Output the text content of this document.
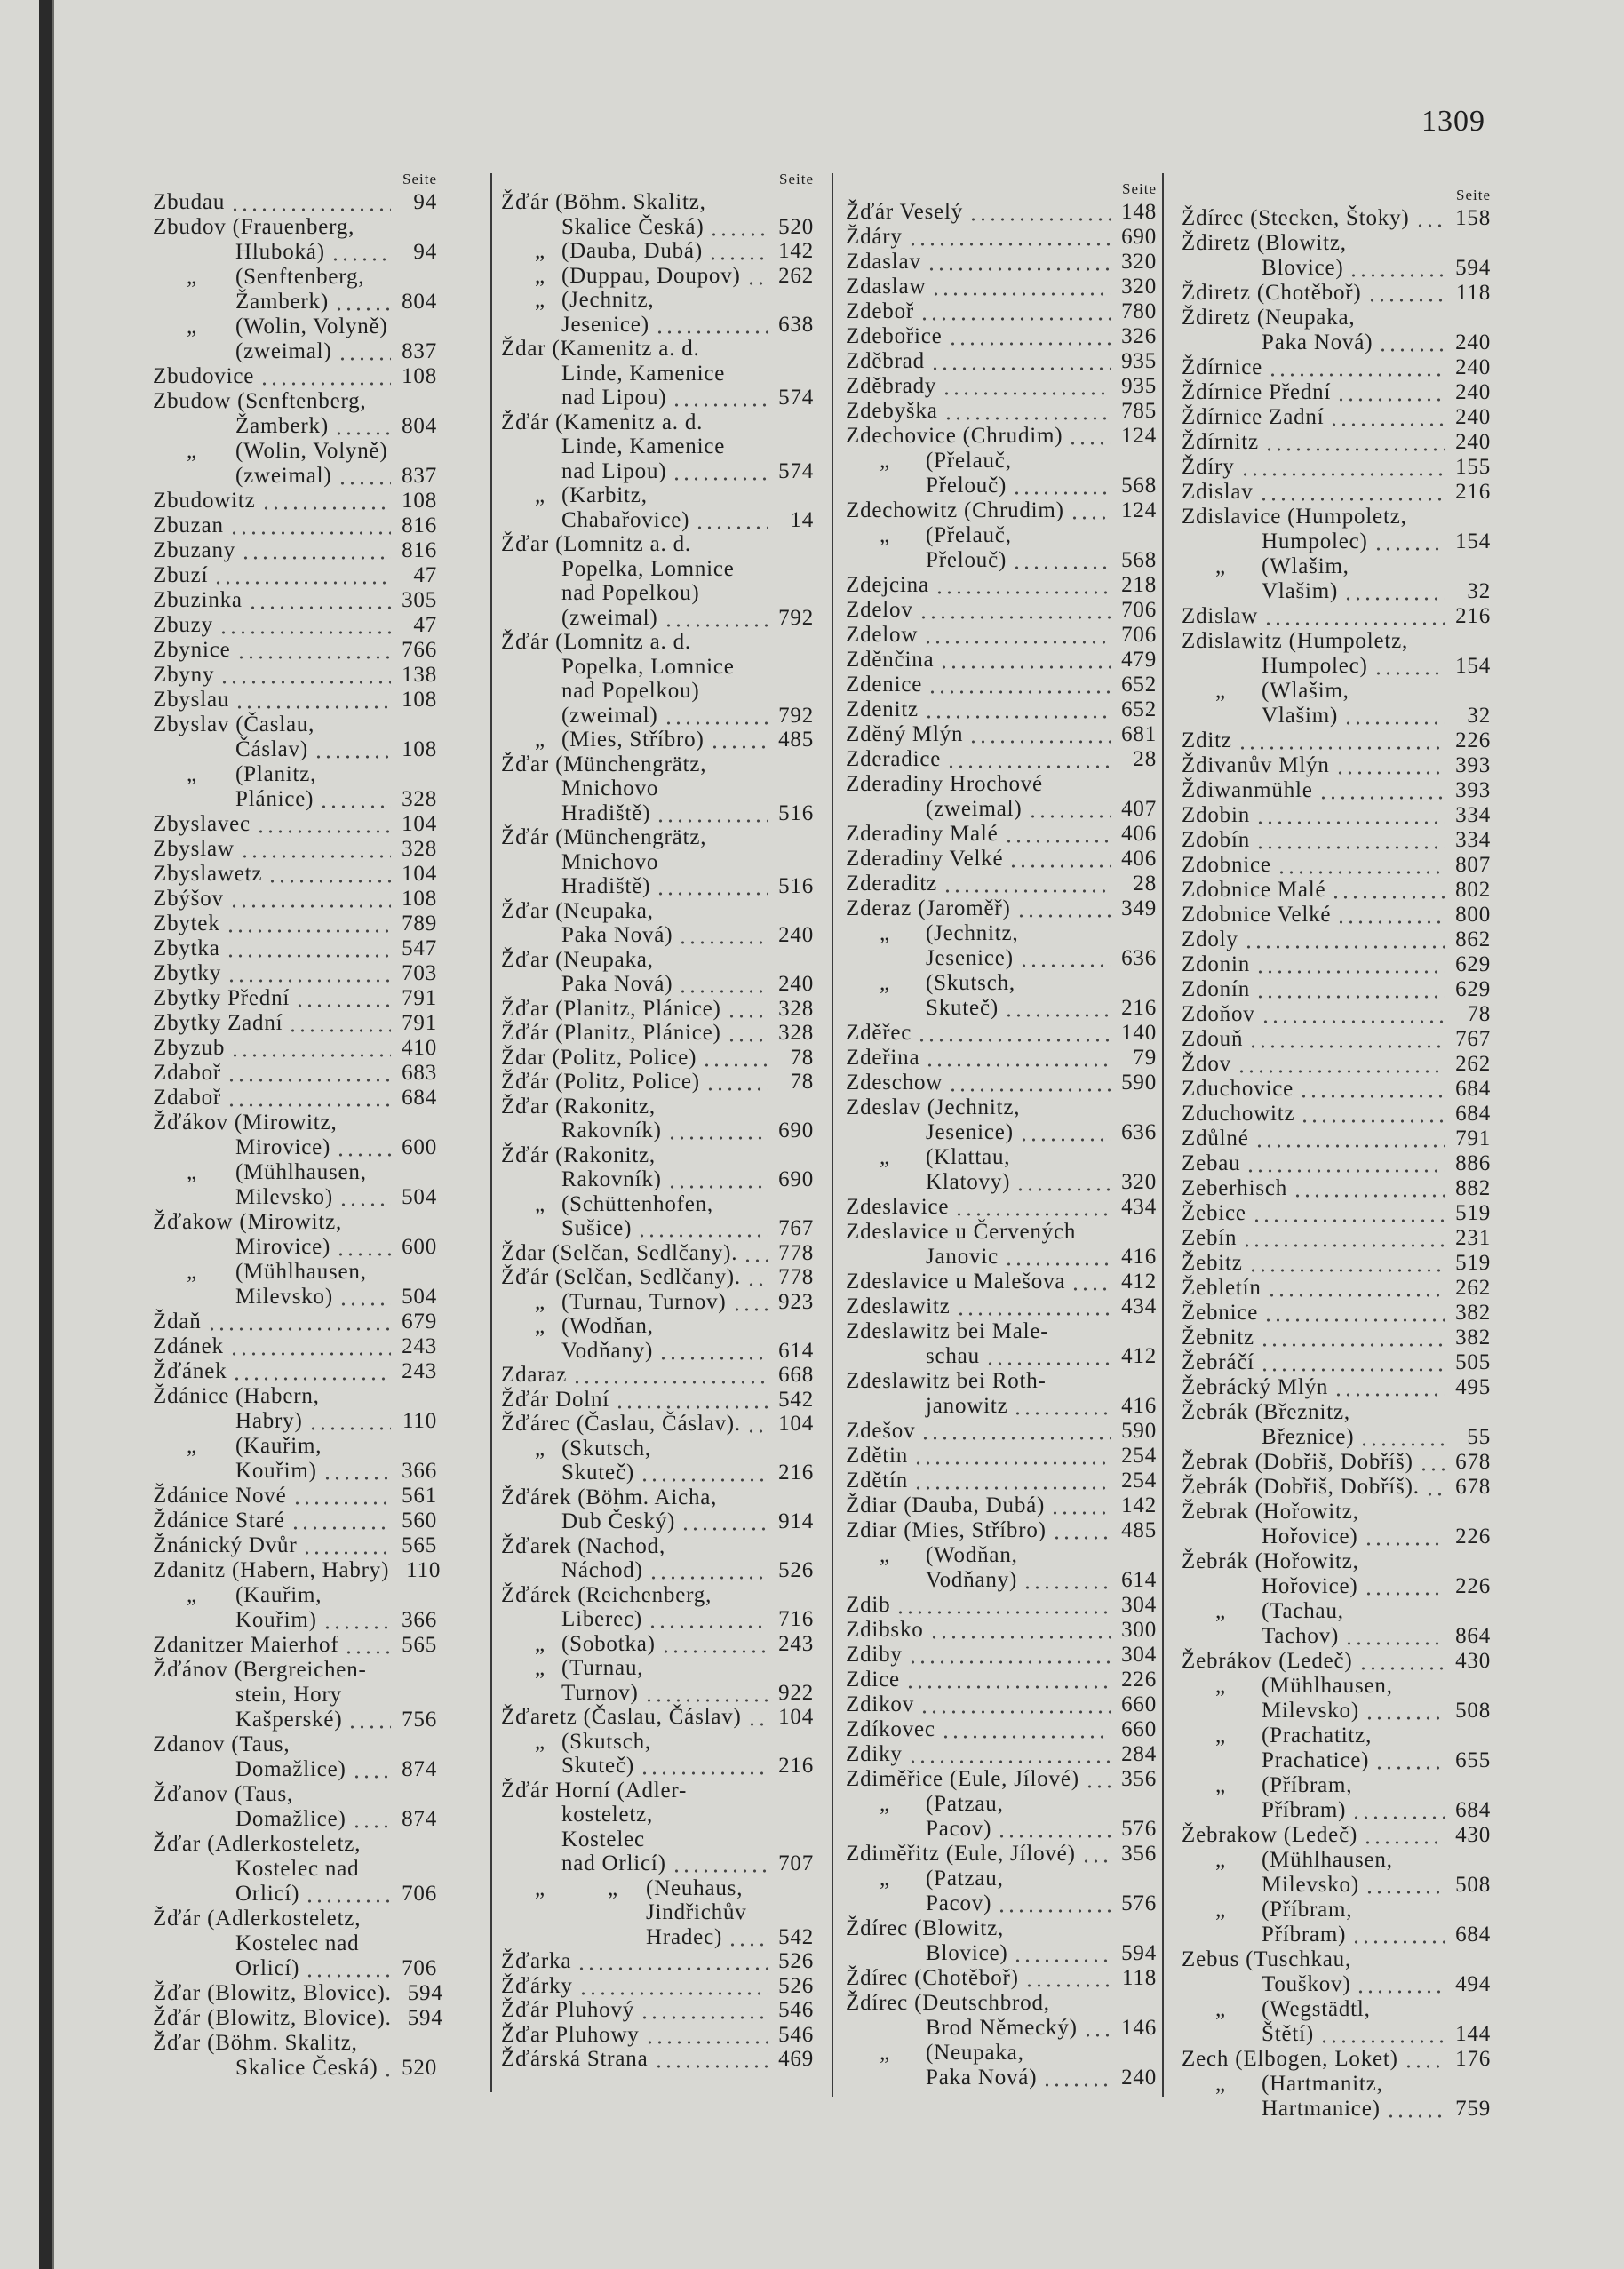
1309
Seite
Zbudau	94
Zbudov (Frauenberg,
Hluboká)	94
„ (Senftenberg,
Žamberk)	804
„ (Wolin, Volyně)
(zweimal)	837
Zbudovice	108
Zbudow (Senftenberg,
Žamberk)	804
„ (Wolin, Volyně)
(zweimal)	837
Zbudowitz	108
Zbuzan	816
Zbuzany	816
Zbuzí	47
Zbuzinka	305
Zbuzy	47
Zbynice	766
Zbyny	138
Zbyslau	108
Zbyslav (Časlau,
Čáslav)	108
„ (Planitz,
Plánice)	328
Zbyslavec	104
Zbyslaw	328
Zbyslawetz	104
Zbýšov	108
Zbytek	789
Zbytka	547
Zbytky	703
Zbytky Přední	791
Zbytky Zadní	791
Zbyzub	410
Zdaboř	683
Zdaboř	684
Žďákov (Mirowitz,
Mirovice)	600
„ (Mühlhausen,
Milevsko)	504
Žďakow (Mirowitz,
Mirovice)	600
„ (Mühlhausen,
Milevsko)	504
Ždaň	679
Zdánek	243
Žďánek	243
Ždánice (Habern,
Habry)	110
„ (Kauřim,
Kouřim)	366
Ždánice Nové	561
Ždánice Staré	560
Žnánický Dvůr	565
Zdanitz (Habern, Habry) 110
„ (Kauřim,
Kouřim)	366
Zdanitzer Maierhof	565
Žďánov (Bergreichen-
stein, Hory
Kašperské)	756
Zdanov (Taus,
Domažlice) 874
Žďanov (Taus,
Domažlice) 874
Žďar (Adlerkosteletz,
Kostelec nad
Orlicí)	706
Žďár (Adlerkosteletz,
Kostelec nad
Orlicí)	706
Žďar (Blowitz, Blovice). 594
Žďár (Blowitz, Blovice). 594
Žďar (Böhm. Skalitz,
Skalice Česká) 520
Seite
Žďár (Böhm. Skalitz,
Skalice Česká)	520
„ (Dauba, Dubá)	142
„ (Duppau, Doupov) 262
„ (Jechnitz,
Jesenice)	638
Ždar (Kamenitz a. d.
Linde, Kamenice
nad Lipou)	574
Žďár (Kamenitz a. d.
Linde, Kamenice
nad Lipou)	574
„ (Karbitz,
Chabařovice)	14
Žďar (Lomnitz a. d.
Popelka, Lomnice
nad Popelkou)
(zweimal)	792
Žďár (Lomnitz a. d.
Popelka, Lomnice
nad Popelkou)
(zweimal)	792
„ (Mies, Stříbro)	485
Žďar (Münchengrätz,
Mnichovo
Hradiště)	516
Žďár (Münchengrätz,
Mnichovo
Hradiště)	516
Žďar (Neupaka,
Paka Nová)	240
Žďar (Neupaka,
Paka Nová)	240
Žďar (Planitz, Plánice)	328
Žďár (Planitz, Plánice)	328
Ždar (Politz, Police)	78
Žďár (Politz, Police)	78
Žďar (Rakonitz,
Rakovník)	690
Žďár (Rakonitz,
Rakovník)	690
„ (Schüttenhofen,
Sušice)	767
Ždar (Selčan, Sedlčany). 778
Žďár (Selčan, Sedlčany). 778
„ (Turnau, Turnov) 923
„ (Wodňan,
Vodňany)	614
Zdaraz	668
Žďár Dolní	542
Žďárec (Časlau, Čáslav). 104
„ (Skutsch,
Skuteč)	216
Žďárek (Böhm. Aicha,
Dub Český)	914
Žďarek (Nachod,
Náchod)	526
Žďárek (Reichenberg,
Liberec)	716
„ (Sobotka)	243
„ (Turnau,
Turnov)	922
Žďaretz (Časlau, Čáslav) 104
„ (Skutsch,
Skuteč)	216
Žďár Horní (Adler-
kosteletz,
Kostelec
nad Orlicí)	707
„	„ (Neuhaus,
Jindřichův
Hradec)	542
Žďarka	526
Žďárky	526
Žďár Pluhový	546
Žďar Pluhowy	546
Žďárská Strana	469
Seite
Žďár Veselý	148
Ždáry	690
Zdaslav	320
Zdaslaw	320
Zdeboř	780
Zdebořice	326
Zděbrad	935
Zděbrady	935
Zdebyška	785
Zdechovice (Chrudim)	124
„ (Přelauč,
Přelouč)	568
Zdechowitz (Chrudim)	124
„ (Přelauč,
Přelouč)	568
Zdejcina	218
Zdelov	706
Zdelow	706
Zděnčina	479
Zdenice	652
Zdenitz	652
Zděný Mlýn	681
Zderadice	28
Zderadiny Hrochové
(zweimal)	407
Zderadiny Malé	406
Zderadiny Velké	406
Zderaditz	28
Zderaz (Jaroměř)	349
„ (Jechnitz,
Jesenice)	636
„ (Skutsch,
Skuteč)	216
Zděřec	140
Zdeřina	79
Zdeschow	590
Zdeslav (Jechnitz,
Jesenice)	636
„ (Klattau,
Klatovy)	320
Zdeslavice	434
Zdeslavice u Červených
Janovic	416
Zdeslavice u Malešova	412
Zdeslawitz	434
Zdeslawitz bei Male-
schau	412
Zdeslawitz bei Roth-
janowitz	416
Zdešov	590
Zdětin	254
Zdětín	254
Ždiar (Dauba, Dubá)	142
Zdiar (Mies, Stříbro)	485
„ (Wodňan,
Vodňany)	614
Zdib	304
Zdibsko	300
Zdiby	304
Zdice	226
Zdikov	660
Zdíkovec	660
Zdiky	284
Zdiměřice (Eule, Jílové) 356
„ (Patzau,
Pacov)	576
Zdiměřitz (Eule, Jílové) 356
„ (Patzau,
Pacov)	576
Ždírec (Blowitz,
Blovice)	594
Ždírec (Chotěboř)	118
Ždírec (Deutschbrod,
Brod Německý) 146
„ (Neupaka,
Paka Nová)	240
Seite
Ždírec (Stecken, Štoky) 158
Ždiretz (Blowitz,
Blovice)	594
Ždiretz (Chotěboř)	118
Ždiretz (Neupaka,
Paka Nová)	240
Ždírnice	240
Ždírnice Přední	240
Ždírnice Zadní	240
Ždírnitz	240
Ždíry	155
Zdislav	216
Zdislavice (Humpoletz,
Humpolec)	154
„ (Wlašim,
Vlašim)	32
Zdislaw	216
Zdislawitz (Humpoletz,
Humpolec)	154
„ (Wlašim,
Vlašim)	32
Zditz	226
Ždivanův Mlýn	393
Ždiwanmühle	393
Zdobin	334
Zdobín	334
Zdobnice	807
Zdobnice Malé	802
Zdobnice Velké	800
Zdoly	862
Zdonin	629
Zdonín	629
Zdoňov	78
Zdouň	767
Ždov	262
Zduchovice	684
Zduchowitz	684
Zdůlné	791
Zebau	886
Zeberhisch	882
Žebice	519
Zebín	231
Žebitz	519
Žebletín	262
Žebnice	382
Žebnitz	382
Žebráčí	505
Žebrácký Mlýn	495
Žebrák (Březnitz,
Březnice)	55
Žebrak (Dobřiš, Dobříš) 678
Žebrák (Dobřiš, Dobříš). 678
Žebrak (Hořowitz,
Hořovice)	226
Žebrák (Hořowitz,
Hořovice)	226
„ (Tachau,
Tachov)	864
Žebrákov (Ledeč)	430
„ (Mühlhausen,
Milevsko)	508
„ (Prachatitz,
Prachatice)	655
„ (Příbram,
Příbram)	684
Žebrakow (Ledeč)	430
„ (Mühlhausen,
Milevsko)	508
„ (Příbram,
Příbram)	684
Zebus (Tuschkau,
Touškov)	494
„ (Wegstädtl,
Štětí)	144
Zech (Elbogen, Loket)	176
„ (Hartmanitz,
Hartmanice)	759
